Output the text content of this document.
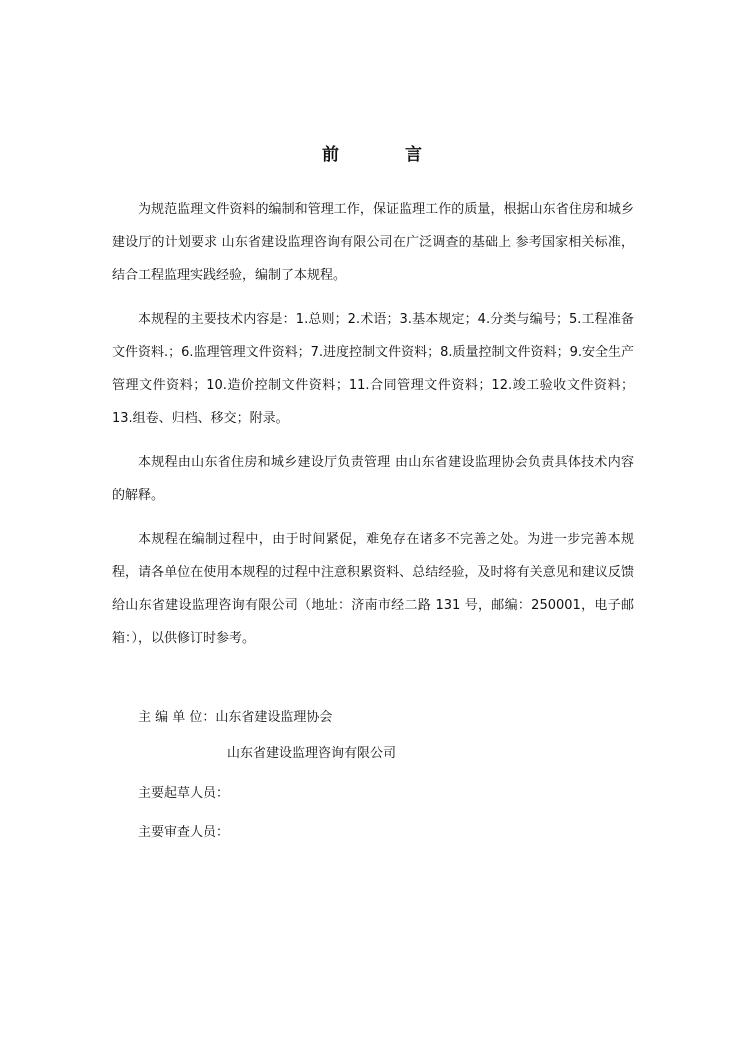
前 言

为规范监理文件资料的编制和管理工作，保证监理工作的质量，根据山东省住房和城乡建设厅的计划要求 山东省建设监理咨询有限公司在广泛调查的基础上 参考国家相关标准，结合工程监理实践经验，编制了本规程。

本规程的主要技术内容是：1.总则；2.术语；3.基本规定；4.分类与编号；5.工程准备文件资料.；6.监理管理文件资料；7.进度控制文件资料；8.质量控制文件资料；9.安全生产管理文件资料；10.造价控制文件资料；11.合同管理文件资料；12.竣工验收文件资料；13.组卷、归档、移交；附录。

本规程由山东省住房和城乡建设厅负责管理 由山东省建设监理协会负责具体技术内容的解释。

本规程在编制过程中，由于时间紧促，难免存在诸多不完善之处。为进一步完善本规程，请各单位在使用本规程的过程中注意积累资料、总结经验，及时将有关意见和建议反馈给山东省建设监理咨询有限公司（地址：济南市经二路 131 号，邮编：250001，电子邮箱：），以供修订时参考。

主 编 单 位：山东省建设监理协会
山东省建设监理咨询有限公司
主要起草人员：
主要审查人员：
